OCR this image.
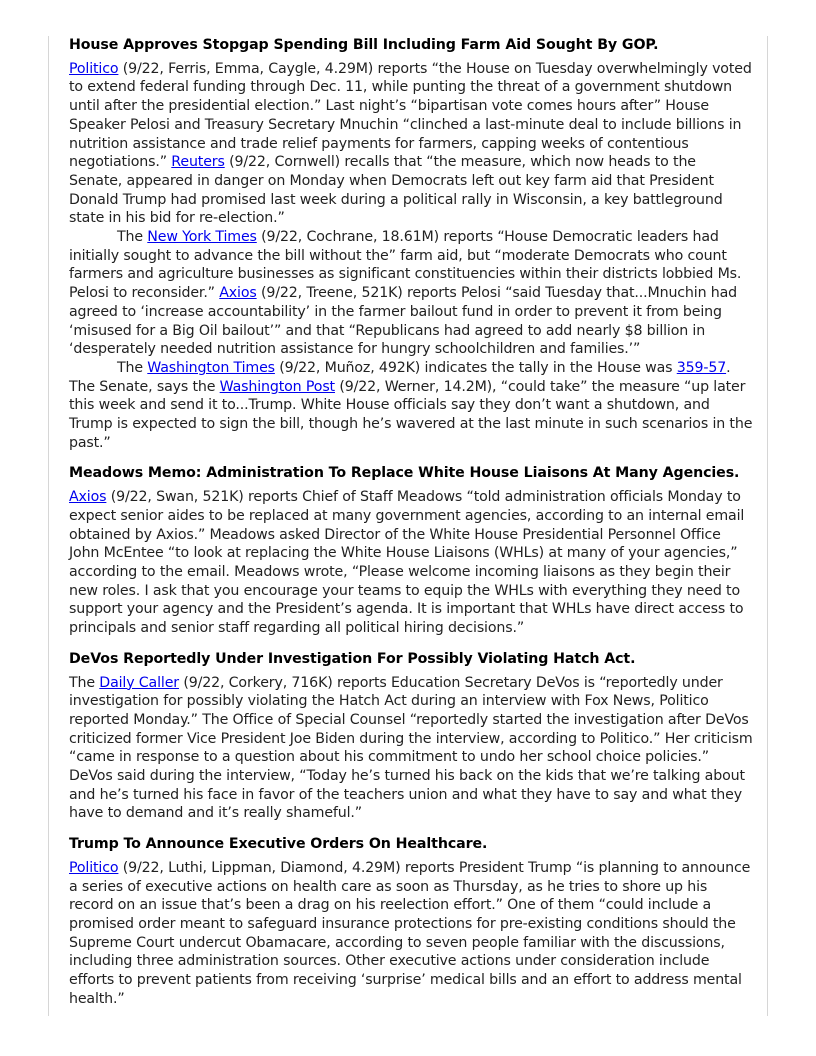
House Approves Stopgap Spending Bill Including Farm Aid Sought By GOP.

Politico (9/22, Ferris, Emma, Caygle, 4.29M) reports “the House on Tuesday overwhelmingly voted to extend federal funding through Dec. 11, while punting the threat of a government shutdown until after the presidential election.” Last night’s “bipartisan vote comes hours after” House Speaker Pelosi and Treasury Secretary Mnuchin “clinched a last-minute deal to include billions in nutrition assistance and trade relief payments for farmers, capping weeks of contentious negotiations.” Reuters (9/22, Cornwell) recalls that “the measure, which now heads to the Senate, appeared in danger on Monday when Democrats left out key farm aid that President Donald Trump had promised last week during a political rally in Wisconsin, a key battleground state in his bid for re-election.”

The New York Times (9/22, Cochrane, 18.61M) reports “House Democratic leaders had initially sought to advance the bill without the” farm aid, but “moderate Democrats who count farmers and agriculture businesses as significant constituencies within their districts lobbied Ms. Pelosi to reconsider.” Axios (9/22, Treene, 521K) reports Pelosi “said Tuesday that...Mnuchin had agreed to ‘increase accountability’ in the farmer bailout fund in order to prevent it from being ‘misused for a Big Oil bailout’” and that “Republicans had agreed to add nearly $8 billion in ‘desperately needed nutrition assistance for hungry schoolchildren and families.’”

The Washington Times (9/22, Muñoz, 492K) indicates the tally in the House was 359-57. The Senate, says the Washington Post (9/22, Werner, 14.2M), “could take” the measure “up later this week and send it to...Trump. White House officials say they don’t want a shutdown, and Trump is expected to sign the bill, though he’s wavered at the last minute in such scenarios in the past.”

Meadows Memo: Administration To Replace White House Liaisons At Many Agencies.

Axios (9/22, Swan, 521K) reports Chief of Staff Meadows “told administration officials Monday to expect senior aides to be replaced at many government agencies, according to an internal email obtained by Axios.” Meadows asked Director of the White House Presidential Personnel Office John McEntee “to look at replacing the White House Liaisons (WHLs) at many of your agencies,” according to the email. Meadows wrote, “Please welcome incoming liaisons as they begin their new roles. I ask that you encourage your teams to equip the WHLs with everything they need to support your agency and the President’s agenda. It is important that WHLs have direct access to principals and senior staff regarding all political hiring decisions.”

DeVos Reportedly Under Investigation For Possibly Violating Hatch Act.

The Daily Caller (9/22, Corkery, 716K) reports Education Secretary DeVos is “reportedly under investigation for possibly violating the Hatch Act during an interview with Fox News, Politico reported Monday.” The Office of Special Counsel “reportedly started the investigation after DeVos criticized former Vice President Joe Biden during the interview, according to Politico.” Her criticism “came in response to a question about his commitment to undo her school choice policies.” DeVos said during the interview, “Today he’s turned his back on the kids that we’re talking about and he’s turned his face in favor of the teachers union and what they have to say and what they have to demand and it’s really shameful.”

Trump To Announce Executive Orders On Healthcare.

Politico (9/22, Luthi, Lippman, Diamond, 4.29M) reports President Trump “is planning to announce a series of executive actions on health care as soon as Thursday, as he tries to shore up his record on an issue that’s been a drag on his reelection effort.” One of them “could include a promised order meant to safeguard insurance protections for pre-existing conditions should the Supreme Court undercut Obamacare, according to seven people familiar with the discussions, including three administration sources. Other executive actions under consideration include efforts to prevent patients from receiving ‘surprise’ medical bills and an effort to address mental health.”
